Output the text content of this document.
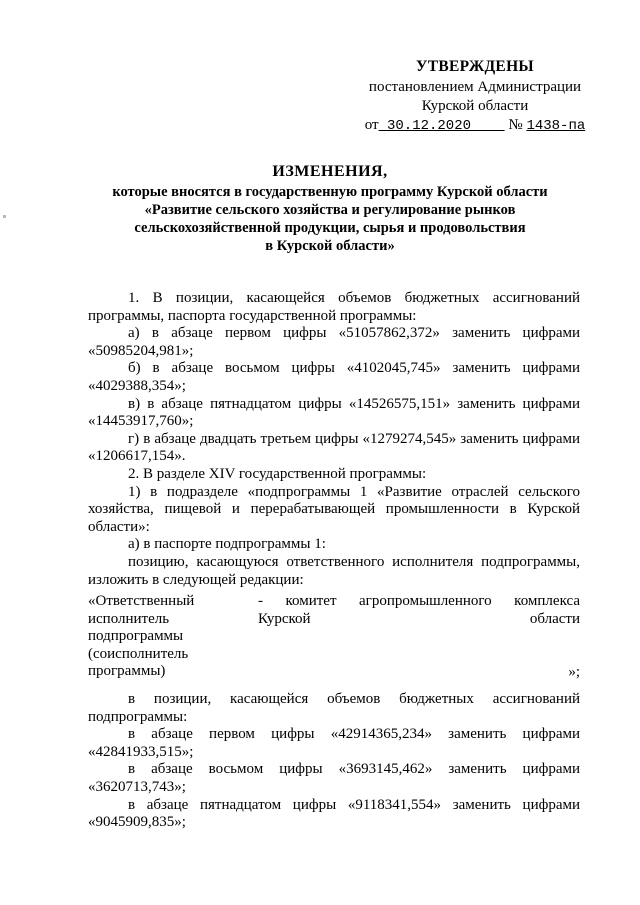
УТВЕРЖДЕНЫ
постановлением Администрации
Курской области
от 30.12.2020 № 1438-па
ИЗМЕНЕНИЯ,
которые вносятся в государственную программу Курской области
«Развитие сельского хозяйства и регулирование рынков
сельскохозяйственной продукции, сырья и продовольствия
в Курской области»

1. В позиции, касающейся объемов бюджетных ассигнований программы, паспорта государственной программы:

а) в абзаце первом цифры «51057862,372» заменить цифрами «50985204,981»;

б) в абзаце восьмом цифры «4102045,745» заменить цифрами «4029388,354»;

в) в абзаце пятнадцатом цифры «14526575,151» заменить цифрами «14453917,760»;

г) в абзаце двадцать третьем цифры «1279274,545» заменить цифрами «1206617,154».

2. В разделе XIV государственной программы:

1) в подразделе «подпрограммы 1 «Развитие отраслей сельского хозяйства, пищевой и перерабатывающей промышленности в Курской области»:

а) в паспорте подпрограммы 1:

позицию, касающуюся ответственного исполнителя подпрограммы, изложить в следующей редакции:

«Ответственный исполнитель подпрограммы (соисполнитель программы)
- комитет агропромышленного комплекса Курской области
»;

в позиции, касающейся объемов бюджетных ассигнований подпрограммы:

в абзаце первом цифры «42914365,234» заменить цифрами «42841933,515»;

в абзаце восьмом цифры «3693145,462» заменить цифрами «3620713,743»;

в абзаце пятнадцатом цифры «9118341,554» заменить цифрами «9045909,835»;
